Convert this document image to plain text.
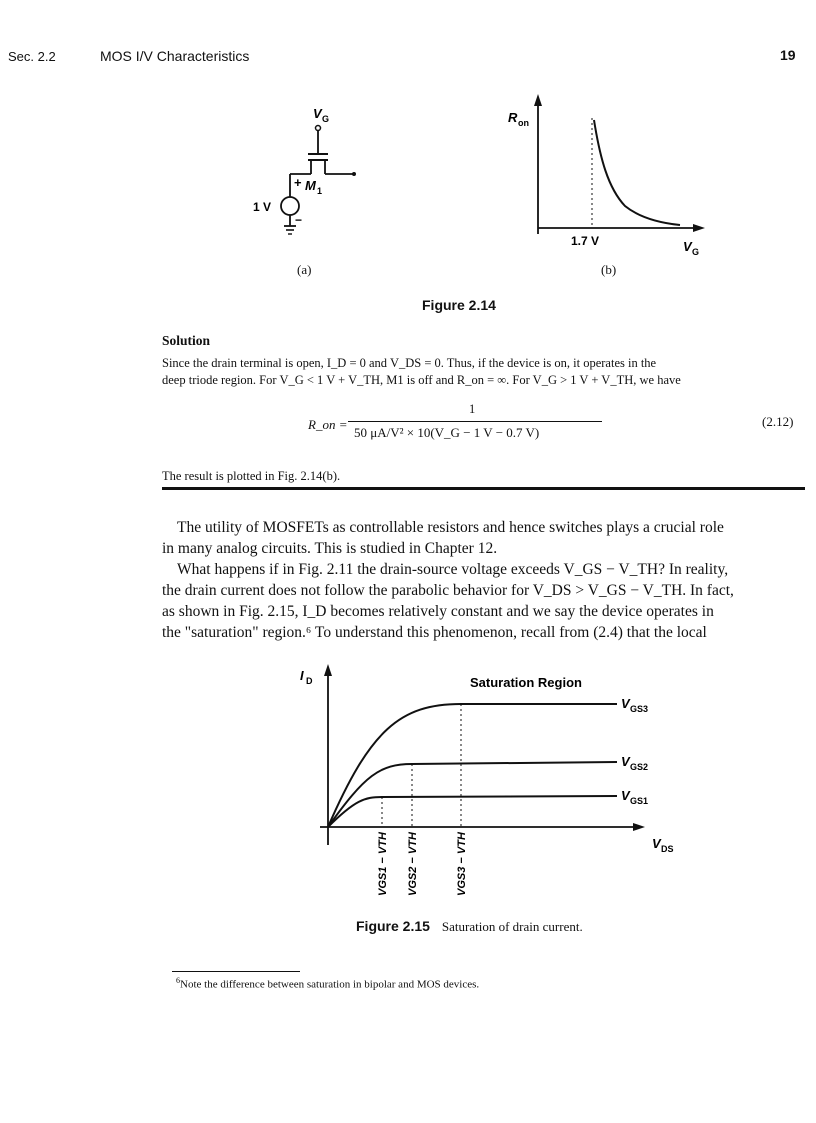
Sec. 2.2	MOS I/V Characteristics	19
V G
+ M 1
−
1 V
(a)
R on
1.7 V	V G
(b)
Figure 2.14
Solution
Since the drain terminal is open, I_D = 0 and V_DS = 0. Thus, if the device is on, it operates in the
deep triode region. For V_G < 1 V + V_TH, M1 is off and R_on = ∞. For V_G > 1 V + V_TH, we have
R_on =
1
50 μA/V² × 10(V_G − 1 V − 0.7 V)
(2.12)
The result is plotted in Fig. 2.14(b).
The utility of MOSFETs as controllable resistors and hence switches plays a crucial role
in many analog circuits. This is studied in Chapter 12.
What happens if in Fig. 2.11 the drain-source voltage exceeds V_GS − V_TH? In reality,
the drain current does not follow the parabolic behavior for V_DS > V_GS − V_TH. In fact,
as shown in Fig. 2.15, I_D becomes relatively constant and we say the device operates in
the "saturation" region.⁶ To understand this phenomenon, recall from (2.4) that the local
I D	Saturation Region
V GS3
V GS2
V GS1
V DS
VGS1 − VTH VGS2 − VTH	VGS3 − VTH
Figure 2.15 Saturation of drain current.
$^6$Note the difference between saturation in bipolar and MOS devices.
